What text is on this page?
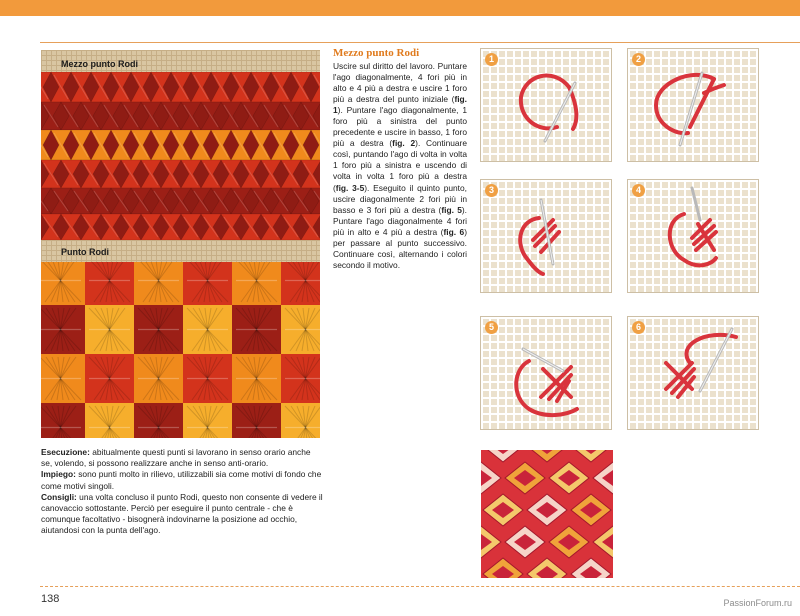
Mezzo punto Rodi
Punto Rodi
Mezzo punto Rodi

Uscire sul diritto del lavoro. Puntare l'ago diagonalmente, 4 fori più in alto e 4 più a destra e uscire 1 foro più a destra del punto iniziale (fig. 1). Puntare l'ago diagonalmente, 1 foro più a sinistra del punto precedente e uscire in basso, 1 foro più a destra (fig. 2). Continuare così, puntando l'ago di volta in volta 1 foro più a sinistra e uscendo di volta in volta 1 foro più a destra (fig. 3-5). Eseguito il quinto punto, uscire diagonalmente 2 fori più in basso e 3 fori più a destra (fig. 5). Puntare l'ago diagonalmente 4 fori più in alto e 4 più a destra (fig. 6) per passare al punto successivo. Continuare così, alternando i colori secondo il motivo.

1	2
3	4
5	6

Esecuzione: abitualmente questi punti si lavorano in senso orario anche se, volendo, si possono realizzare anche in senso anti-orario.

Impiego: sono punti molto in rilievo, utilizzabili sia come motivi di fondo che come motivi singoli.

Consigli: una volta concluso il punto Rodi, questo non consente di vedere il canovaccio sottostante. Perciò per eseguire il punto centrale - che è comunque facoltativo - bisognerà indovinarne la posizione ad occhio, aiutandosi con la punta dell'ago.

138	PassionForum.ru
